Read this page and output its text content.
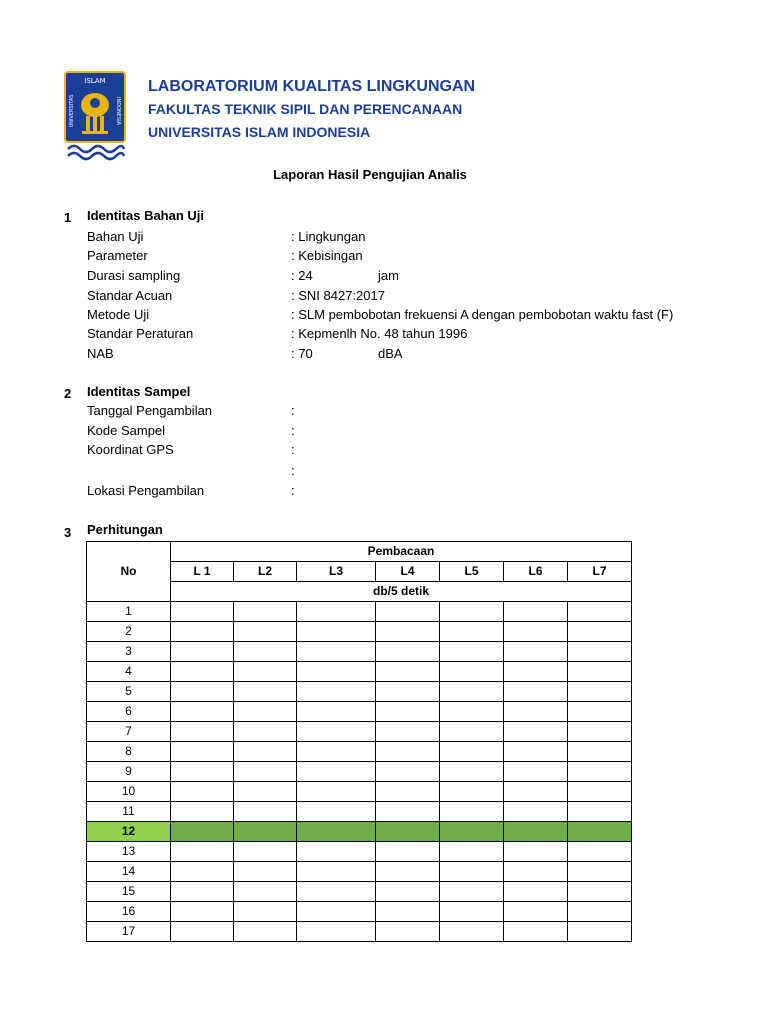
ISLAM
UNIVERSITAS	INDONESIA
LABORATORIUM KUALITAS LINGKUNGAN
FAKULTAS TEKNIK SIPIL DAN PERENCANAAN
UNIVERSITAS ISLAM INDONESIA
Laporan Hasil Pengujian Analis
1 Identitas Bahan Uji
Bahan Uji	: Lingkungan
Parameter	: Kebisingan
Durasi sampling	: 24	jam
Standar Acuan	: SNI 8427:2017
Metode Uji	: SLM pembobotan frekuensi A dengan pembobotan waktu fast (F)
Standar Peraturan	: Kepmenlh No. 48 tahun 1996
NAB	: 70	dBA
2 Identitas Sampel
Tanggal Pengambilan	:
Kode Sampel	:
Koordinat GPS	:
:
Lokasi Pengambilan	:
3 Perhitungan
No	Pembacaan						
	L 1	L2	L3	L4	L5	L6	L7
	db/5 detik						
1							
2							
3							
4							
5							
6							
7							
8							
9							
10							
11							
12							
13							
14							
15							
16							
17							
